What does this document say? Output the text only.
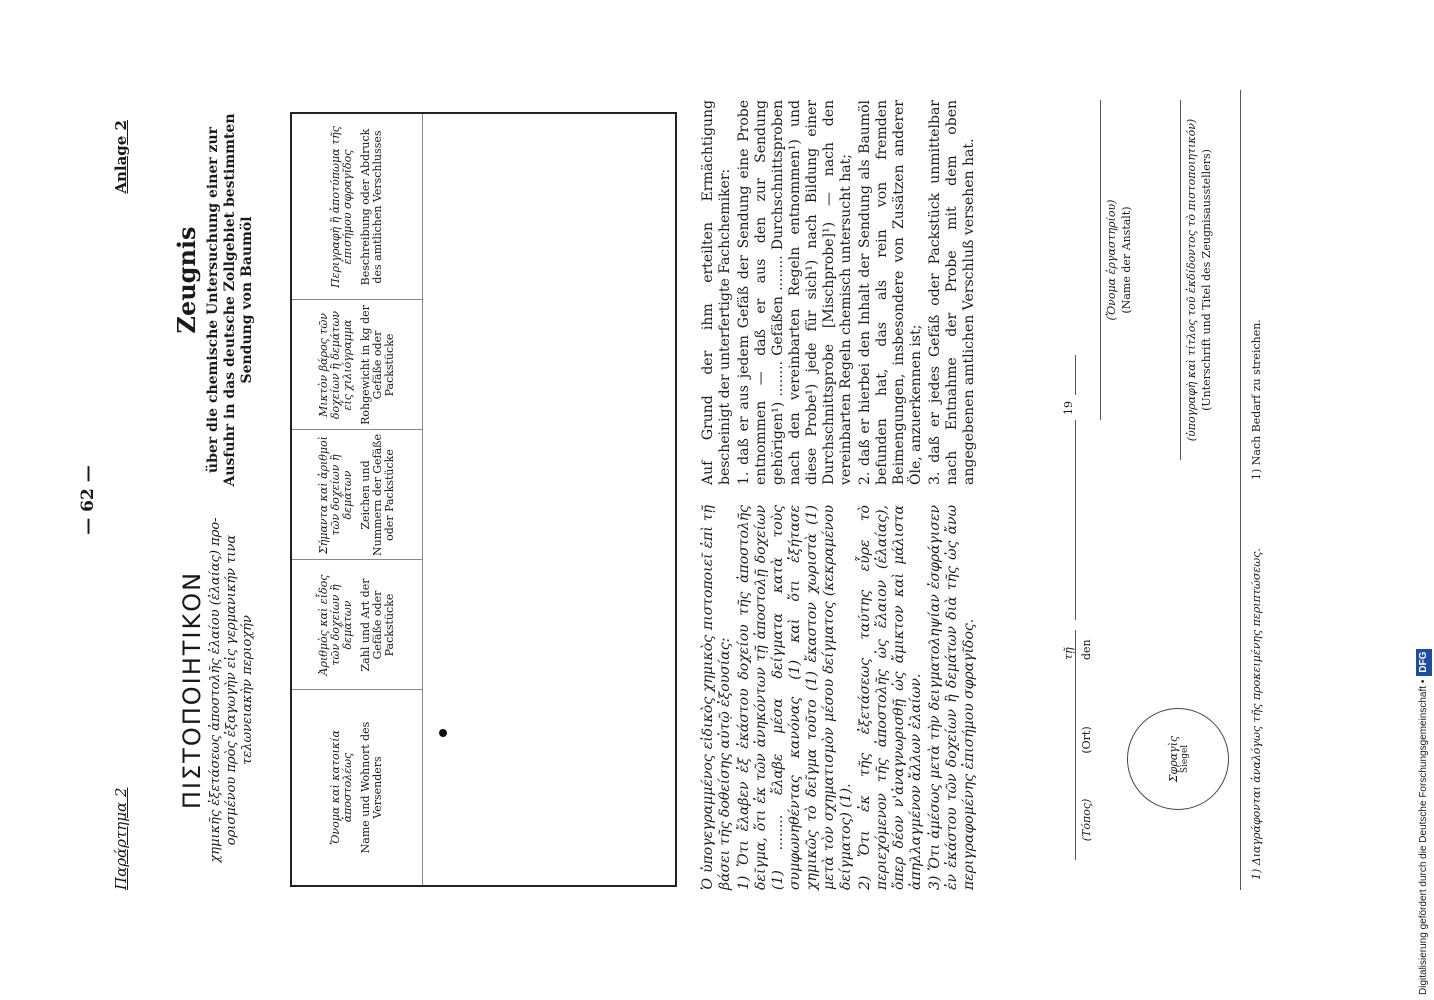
— 62 —
Παράρτημα 2
ΠΙΣΤΟΠΟΙΗΤΙΚΟΝ χημικῆς ἐξετάσεως ἀποστολῆς ἐλαίου (ἐλαίας) προ-ορισμένου πρὸς ἐξαγωγὴν εἰς γερμανικήν τινα τελωνειακὴν περιοχήν
Anlage 2
Zeugnis über die chemische Untersuchung einer zur Ausfuhr in das deutsche Zollgebiet bestimmten Sendung von Baumöl
Ὄνομα καὶ κατοικία ἀποστολέως Name und Wohnort des Versenders
Ἀριθμὸς καὶ εἶδος τῶν δοχείων ἢ δεμάτων Zahl und Art der Gefäße oder Packstücke
Σήμαντα καὶ ἀριθμοὶ τῶν δοχείων ἢ δεμάτων Zeichen und Nummern der Gefäße oder Packstücke
Μικτὸν βάρος τῶν δοχείων ἢ δεμάτων εἰς χιλιόγραμμα Rohgewicht in kg der Gefäße oder Packstücke
Περιγραφὴ ἢ ἀποτύπωμα τῆς ἐπισήμου σφραγῖδος Beschreibung oder Abdruck des amtlichen Verschlusses
Ὁ ὑπογεγραμμένος εἰδικὸς χημικὸς πιστοποιεῖ ἐπὶ τῇ βάσει τῆς δοθείσης αὐτῷ ἐξουσίας: 1) Ὅτι ἔλαβεν ἐξ ἑκάστου δοχείου τῆς ἀποστολῆς δεῖγμα, ὅτι ἐκ τῶν ἀνηκόντων τῇ ἀποστολῇ δοχείων (1) ........ ἔλαβε μέσα δείγματα κατὰ τοὺς συμφωνηθέντας κανόνας (1) καὶ ὅτι ἐξήτασε χημικῶς τὸ δεῖγμα τοῦτο (1) ἕκαστον χωριστὰ (1) μετὰ τὸν σχηματισμὸν μέσου δείγματος (κεκραμένου δείγματος) (1). 2) Ὅτι ἐκ τῆς ἐξετάσεως ταύτης εὗρε τὸ περιεχόμενον τῆς ἀποστολῆς ὡς ἔλαιον (ἐλαίας), ὅπερ δέον ν'ἀναγνωρισθῇ ὡς ἄμικτον καὶ μάλιστα ἀπηλλαγμένον ἄλλων ἐλαίων. 3) Ὅτι ἀμέσως μετὰ τὴν δειγματοληψίαν ἐσφράγισεν ἐν ἑκάστου τῶν δοχείων ἢ δεμάτων διὰ τῆς ὡς ἄνω περιγραφομένης ἐπισήμου σφραγῖδος.
Auf Grund der ihm erteilten Ermächtigung bescheinigt der unterfertigte Fachchemiker: 1. daß er aus jedem Gefäß der Sendung eine Probe entnommen — daß er aus den zur Sendung gehörigen¹) ........ Gefäßen ........ Durchschnittsproben nach den vereinbarten Regeln entnommen¹) und diese Probe¹) jede für sich¹) nach Bildung einer Durchschnittsprobe [Mischprobe]¹) — nach den vereinbarten Regeln chemisch untersucht hat; 2. daß er hierbei den Inhalt der Sendung als Baumöl befunden hat, das als rein von fremden Beimengungen, insbesondere von Zusätzen anderer Öle, anzuerkennen ist; 3. daß er jedes Gefäß oder Packstück unmittelbar nach Entnahme der Probe mit dem oben angegebenen amtlichen Verschluß versehen hat.
(Τόπος)
(Ort)
τῇ den
19
Σφραγὶς Siegel
(Ὄνομα ἐργαστηρίου) (Name der Anstalt)	(ὑπογραφὴ καὶ τίτλος τοῦ ἐκδίδοντος τὸ πιστοποιητικόν) (Unterschrift und Titel des Zeugnisausstellers)
1) Διαγράφονται ἀναλόγως τῆς προκειμένης περιπτώσεως.
1) Nach Bedarf zu streichen.
Digitalisierung gefördert durch die Deutsche Forschungsgemeinschaft •DFG
